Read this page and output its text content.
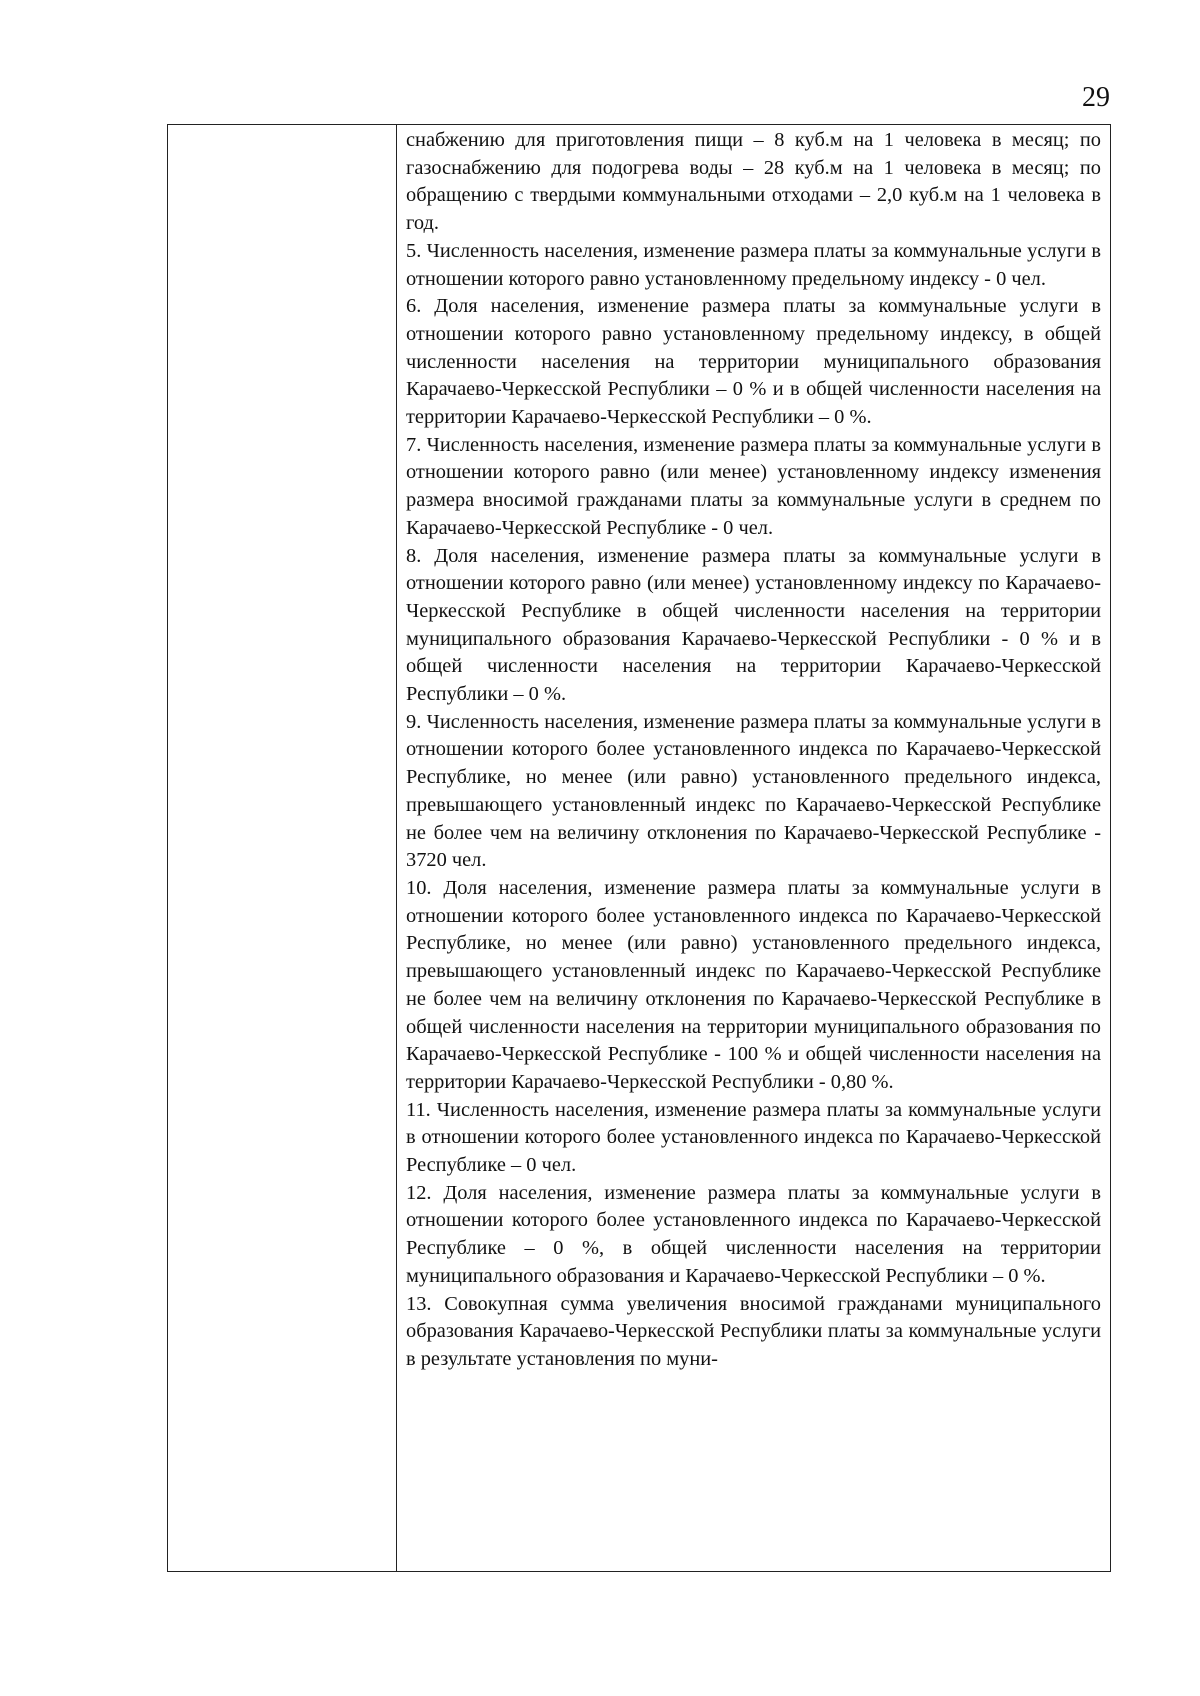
29

снабжению для приготовления пищи – 8 куб.м на 1 человека в месяц; по газоснабжению для подогрева воды – 28 куб.м на 1 человека в месяц; по обращению с твердыми коммунальными отходами – 2,0 куб.м на 1 человека в год.

5. Численность населения, изменение размера платы за коммунальные услуги в отношении которого равно установленному предельному индексу - 0 чел.

6. Доля населения, изменение размера платы за коммунальные услуги в отношении которого равно установленному предельному индексу, в общей численности населения на территории муниципального образования Карачаево-Черкесской Республики – 0 % и в общей численности населения на территории Карачаево-Черкесской Республики – 0 %.

7. Численность населения, изменение размера платы за коммунальные услуги в отношении которого равно (или менее) установленному индексу изменения размера вносимой гражданами платы за коммунальные услуги в среднем по Карачаево-Черкесской Республике - 0 чел.

8. Доля населения, изменение размера платы за коммунальные услуги в отношении которого равно (или менее) установленному индексу по Карачаево-Черкесской Республике в общей численности населения на территории муниципального образования Карачаево-Черкесской Республики - 0 % и в общей численности населения на территории Карачаево-Черкесской Республики – 0 %.

9. Численность населения, изменение размера платы за коммунальные услуги в отношении которого более установленного индекса по Карачаево-Черкесской Республике, но менее (или равно) установленного предельного индекса, превышающего установленный индекс по Карачаево-Черкесской Республике не более чем на величину отклонения по Карачаево-Черкесской Республике - 3720 чел.

10. Доля населения, изменение размера платы за коммунальные услуги в отношении которого более установленного индекса по Карачаево-Черкесской Республике, но менее (или равно) установленного предельного индекса, превышающего установленный индекс по Карачаево-Черкесской Республике не более чем на величину отклонения по Карачаево-Черкесской Республике в общей численности населения на территории муниципального образования по Карачаево-Черкесской Республике - 100 % и общей численности населения на территории Карачаево-Черкесской Республики - 0,80 %.

11. Численность населения, изменение размера платы за коммунальные услуги в отношении которого более установленного индекса по Карачаево-Черкесской Республике – 0 чел.

12. Доля населения, изменение размера платы за коммунальные услуги в отношении которого более установленного индекса по Карачаево-Черкесской Республике – 0 %, в общей численности населения на территории муниципального образования и Карачаево-Черкесской Республики – 0 %.

13. Совокупная сумма увеличения вносимой гражданами муниципального образования Карачаево-Черкесской Республики платы за коммунальные услуги в результате установления по муни-
